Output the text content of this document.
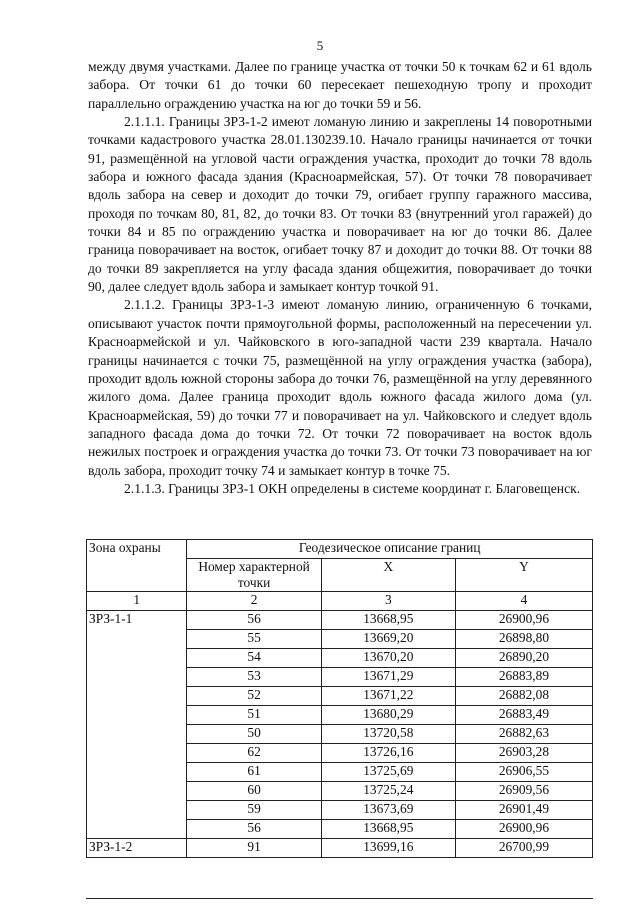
5

между двумя участками. Далее по границе участка от точки 50 к точкам 62 и 61 вдоль забора. От точки 61 до точки 60 пересекает пешеходную тропу и проходит параллельно ограждению участка на юг до точки 59 и 56.

2.1.1.1. Границы ЗРЗ-1-2 имеют ломаную линию и закреплены 14 поворотными точками кадастрового участка 28.01.130239.10. Начало границы начинается от точки 91, размещённой на угловой части ограждения участка, проходит до точки 78 вдоль забора и южного фасада здания (Красноармейская, 57). От точки 78 поворачивает вдоль забора на север и доходит до точки 79, огибает группу гаражного массива, проходя по точкам 80, 81, 82, до точки 83. От точки 83 (внутренний угол гаражей) до точки 84 и 85 по ограждению участка и поворачивает на юг до точки 86. Далее граница поворачивает на восток, огибает точку 87 и доходит до точки 88. От точки 88 до точки 89 закрепляется на углу фасада здания общежития, поворачивает до точки 90, далее следует вдоль забора и замыкает контур точкой 91.

2.1.1.2. Границы ЗРЗ-1-3 имеют ломаную линию, ограниченную 6 точками, описывают участок почти прямоугольной формы, расположенный на пересечении ул. Красноармейской и ул. Чайковского в юго-западной части 239 квартала. Начало границы начинается с точки 75, размещённой на углу ограждения участка (забора), проходит вдоль южной стороны забора до точки 76, размещённой на углу деревянного жилого дома. Далее граница проходит вдоль южного фасада жилого дома (ул. Красноармейская, 59) до точки 77 и поворачивает на ул. Чайковского и следует вдоль западного фасада дома до точки 72. От точки 72 поворачивает на восток вдоль нежилых построек и ограждения участка до точки 73. От точки 73 поворачивает на юг вдоль забора, проходит точку 74 и замыкает контур в точке 75.

2.1.1.3. Границы ЗРЗ-1 ОКН определены в системе координат г. Благовещенск.

Зона охраны	Геодезическое описание границ		
	Номер характерной точки	X	Y
1	2	3	4
ЗРЗ-1-1	56	13668,95	26900,96
	55	13669,20	26898,80
	54	13670,20	26890,20
	53	13671,29	26883,89
	52	13671,22	26882,08
	51	13680,29	26883,49
	50	13720,58	26882,63
	62	13726,16	26903,28
	61	13725,69	26906,55
	60	13725,24	26909,56
	59	13673,69	26901,49
	56	13668,95	26900,96
ЗРЗ-1-2	91	13699,16	26700,99
